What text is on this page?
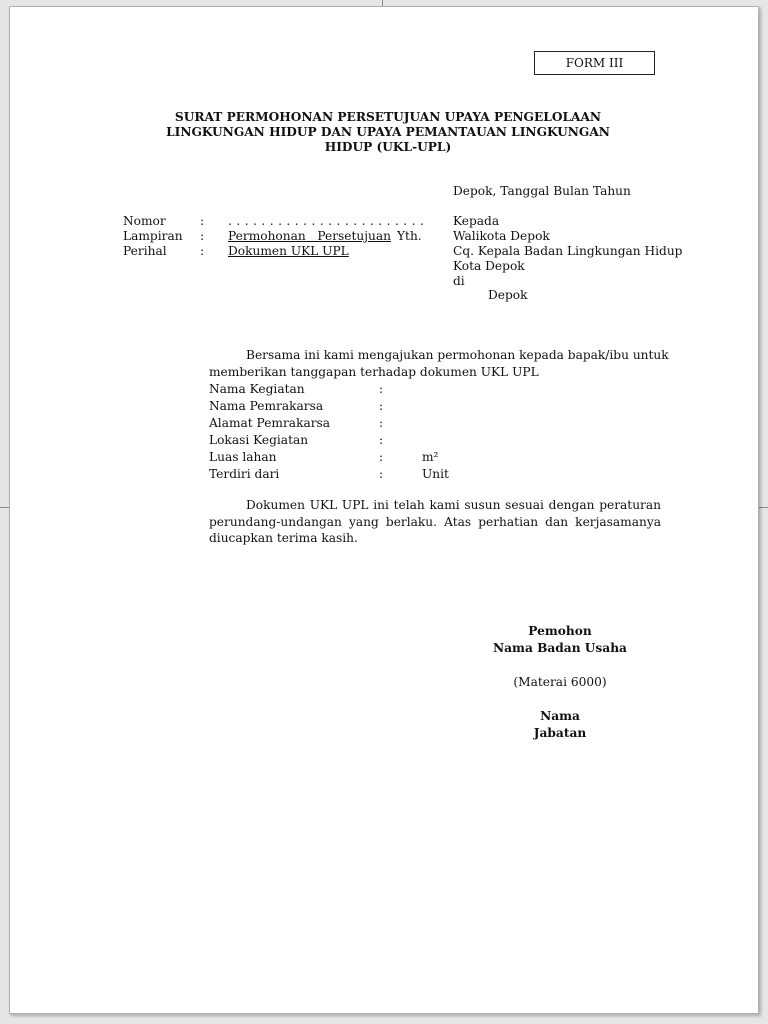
FORM III
SURAT PERMOHONAN PERSETUJUAN UPAYA PENGELOLAAN
LINGKUNGAN HIDUP DAN UPAYA PEMANTAUAN LINGKUNGAN
HIDUP (UKL-UPL)
Depok, Tanggal Bulan Tahun
Nomor	: . . . . . . . . . . . . . . . . . . . . . . . .
Lampiran : Permohonan   Persetujuan Yth.
Perihal	: Dokumen UKL UPL
Kepada
Walikota Depok
Cq. Kepala Badan Lingkungan Hidup
Kota Depok
di
Depok
Bersama ini kami mengajukan permohonan kepada bapak/ibu untuk
memberikan tanggapan terhadap dokumen UKL UPL
Nama Kegiatan	:
Nama Pemrakarsa	:
Alamat Pemrakarsa	:
Lokasi Kegiatan	:
Luas lahan	:	m²
Terdiri dari	:	Unit
Dokumen UKL UPL ini telah kami susun sesuai dengan peraturan perundang-undangan yang berlaku. Atas perhatian dan kerjasamanya diucapkan terima kasih.
Pemohon
Nama Badan Usaha
(Materai 6000)
Nama
Jabatan
